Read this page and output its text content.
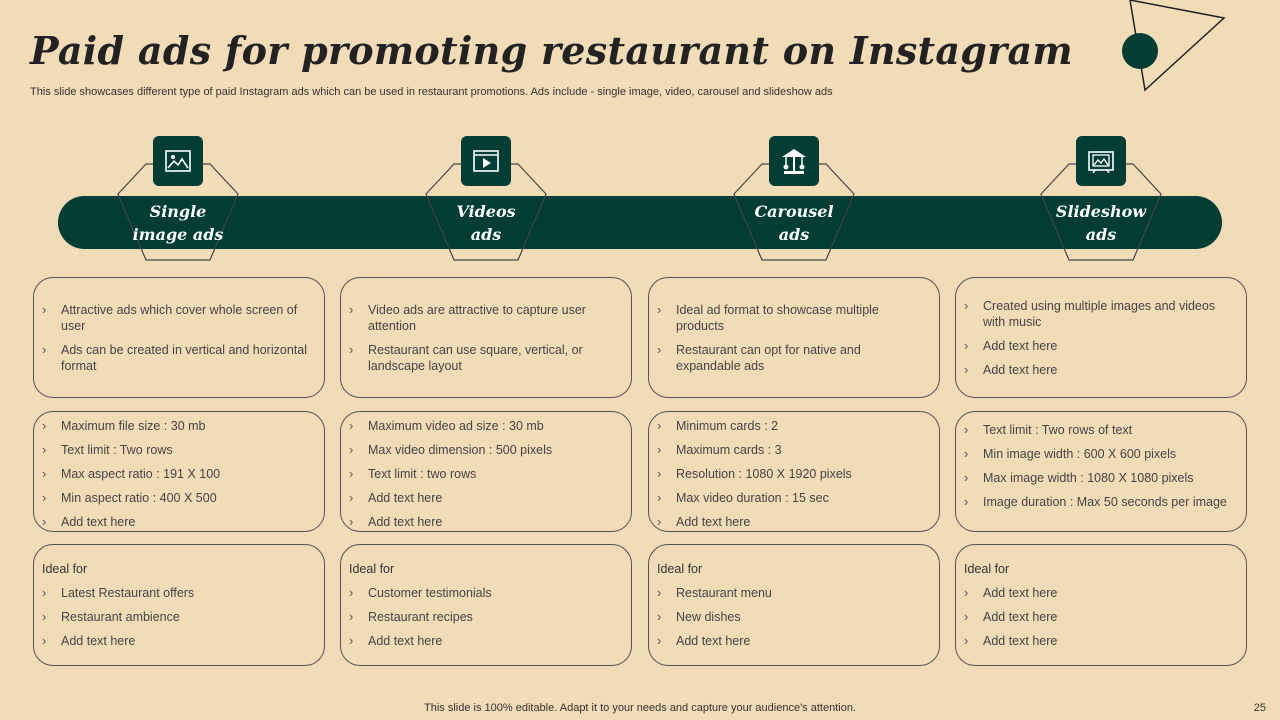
Paid ads for promoting restaurant on Instagram
This slide showcases different type of paid Instagram ads which can be used in restaurant promotions. Ads include - single image, video, carousel and slideshow ads
Single
image ads
› Attractive ads which cover whole screen of user
› Ads can be created in vertical and horizontal format
› Maximum file size : 30 mb
› Text limit : Two rows
› Max aspect ratio : 191 X 100
› Min aspect ratio : 400 X 500
› Add text here
Ideal for
› Latest Restaurant offers
› Restaurant ambience
› Add text here
Videos
ads
› Video ads are attractive to capture user attention
› Restaurant can use square, vertical, or landscape layout
› Maximum video ad size : 30 mb
› Max video dimension : 500 pixels
› Text limit : two rows
› Add text here
› Add text here
Ideal for
› Customer testimonials
› Restaurant recipes
› Add text here
Carousel
ads
› Ideal ad format to showcase multiple products
› Restaurant can opt for native and expandable ads
› Minimum cards : 2
› Maximum cards : 3
› Resolution : 1080 X 1920 pixels
› Max video duration : 15 sec
› Add text here
Ideal for
› Restaurant menu
› New dishes
› Add text here
Slideshow
ads
› Created using multiple images and videos with music
› Add text here
› Add text here
› Text limit : Two rows of text
› Min image width : 600 X 600 pixels
› Max image width : 1080 X 1080 pixels
› Image duration : Max 50 seconds per image
Ideal for
› Add text here
› Add text here
› Add text here
This slide is 100% editable. Adapt it to your needs and capture your audience's attention.	25
